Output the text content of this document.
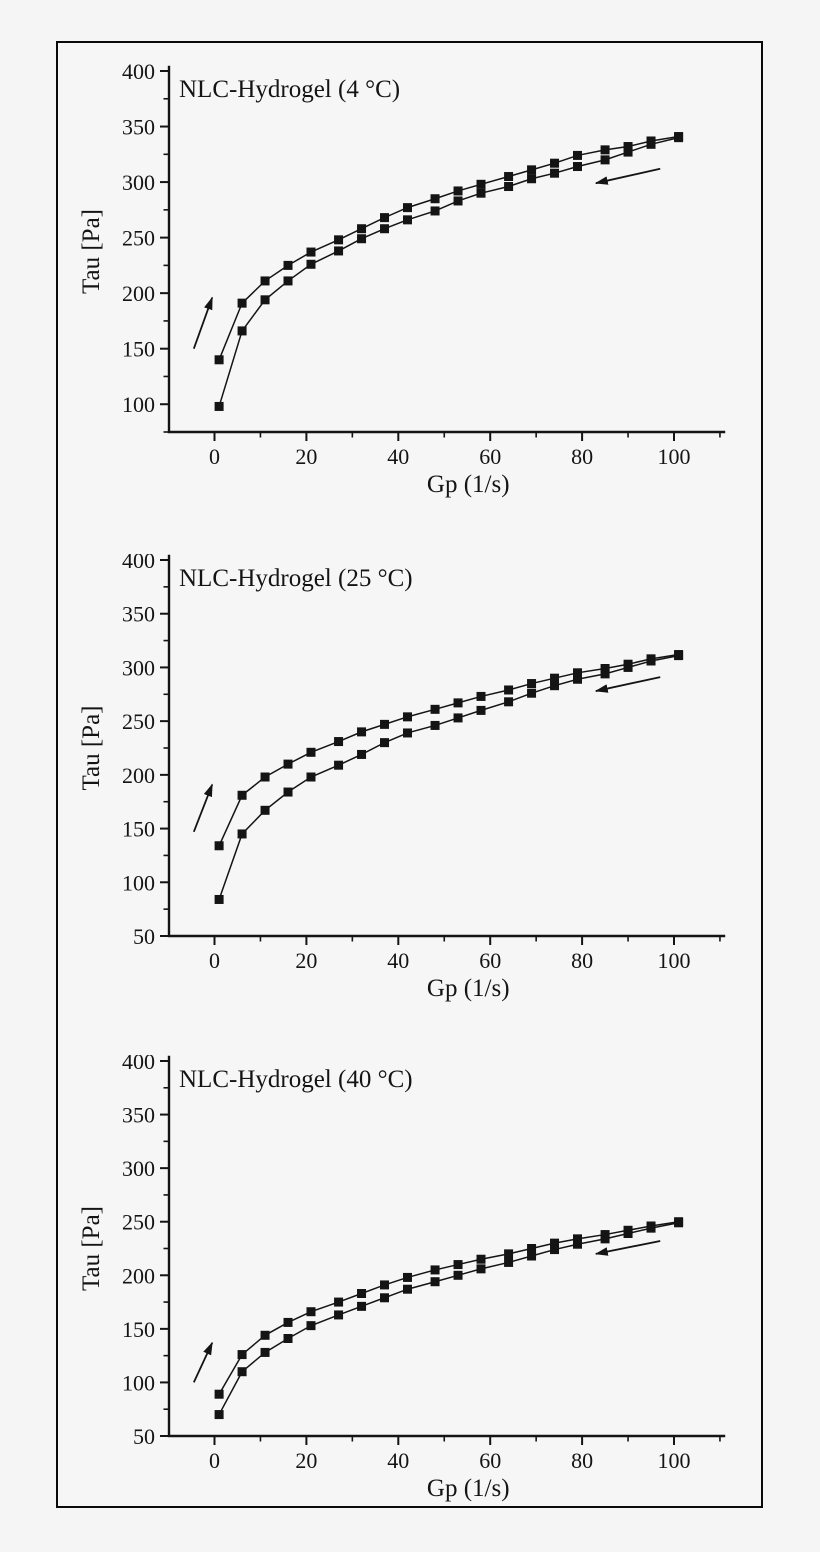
100
150
200
250
300
350
400
0	20	40	60	80	100
NLC-Hydrogel (4 °C)
Tau [Pa]
Gp (1/s)
50
100
150
200
250
300
350
400
0	20	40	60	80	100
NLC-Hydrogel (25 °C)
Tau [Pa]
Gp (1/s)
50
100
150
200
250
300
350
400
0	20	40	60	80	100
NLC-Hydrogel (40 °C)
Tau [Pa]
Gp (1/s)
